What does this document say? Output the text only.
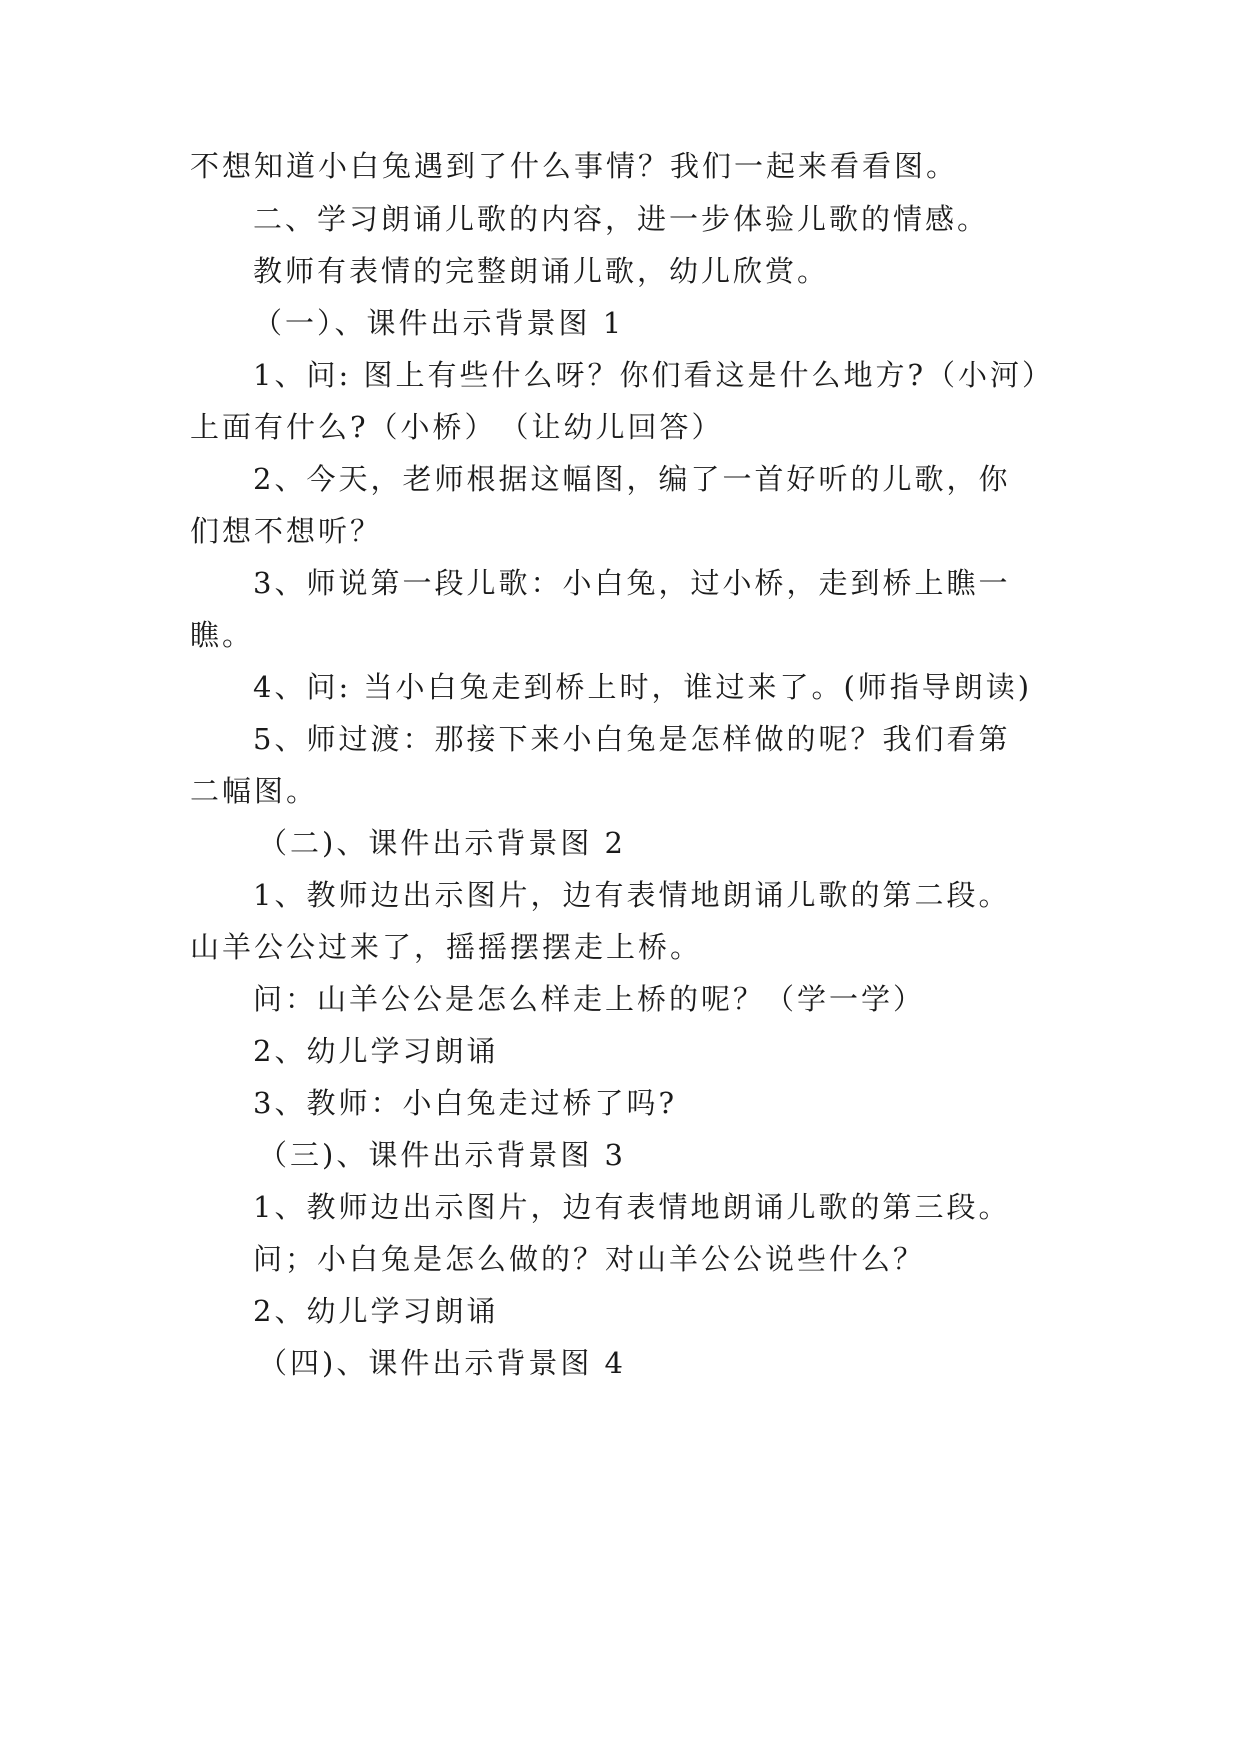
不想知道小白兔遇到了什么事情？我们一起来看看图。
二、学习朗诵儿歌的内容，进一步体验儿歌的情感。
教师有表情的完整朗诵儿歌，幼儿欣赏。
（一）、课件出示背景图 1
1、问: 图上有些什么呀？你们看这是什么地方?（小河）
上面有什么?（小桥）　（让幼儿回答）
2、今天，老师根据这幅图，编了一首好听的儿歌，你
们想不想听？
3、师说第一段儿歌：小白兔，过小桥，走到桥上瞧一
瞧。
4、问: 当小白兔走到桥上时，谁过来了。(师指导朗读)
5、师过渡：那接下来小白兔是怎样做的呢？我们看第
二幅图。
（二)、课件出示背景图 2
1、教师边出示图片，边有表情地朗诵儿歌的第二段。
山羊公公过来了，摇摇摆摆走上桥。
问：山羊公公是怎么样走上桥的呢？（学一学）
2、幼儿学习朗诵
3、教师：小白兔走过桥了吗?
（三)、课件出示背景图 3
1、教师边出示图片，边有表情地朗诵儿歌的第三段。
问；小白兔是怎么做的？对山羊公公说些什么？
2、幼儿学习朗诵
（四)、课件出示背景图 4
